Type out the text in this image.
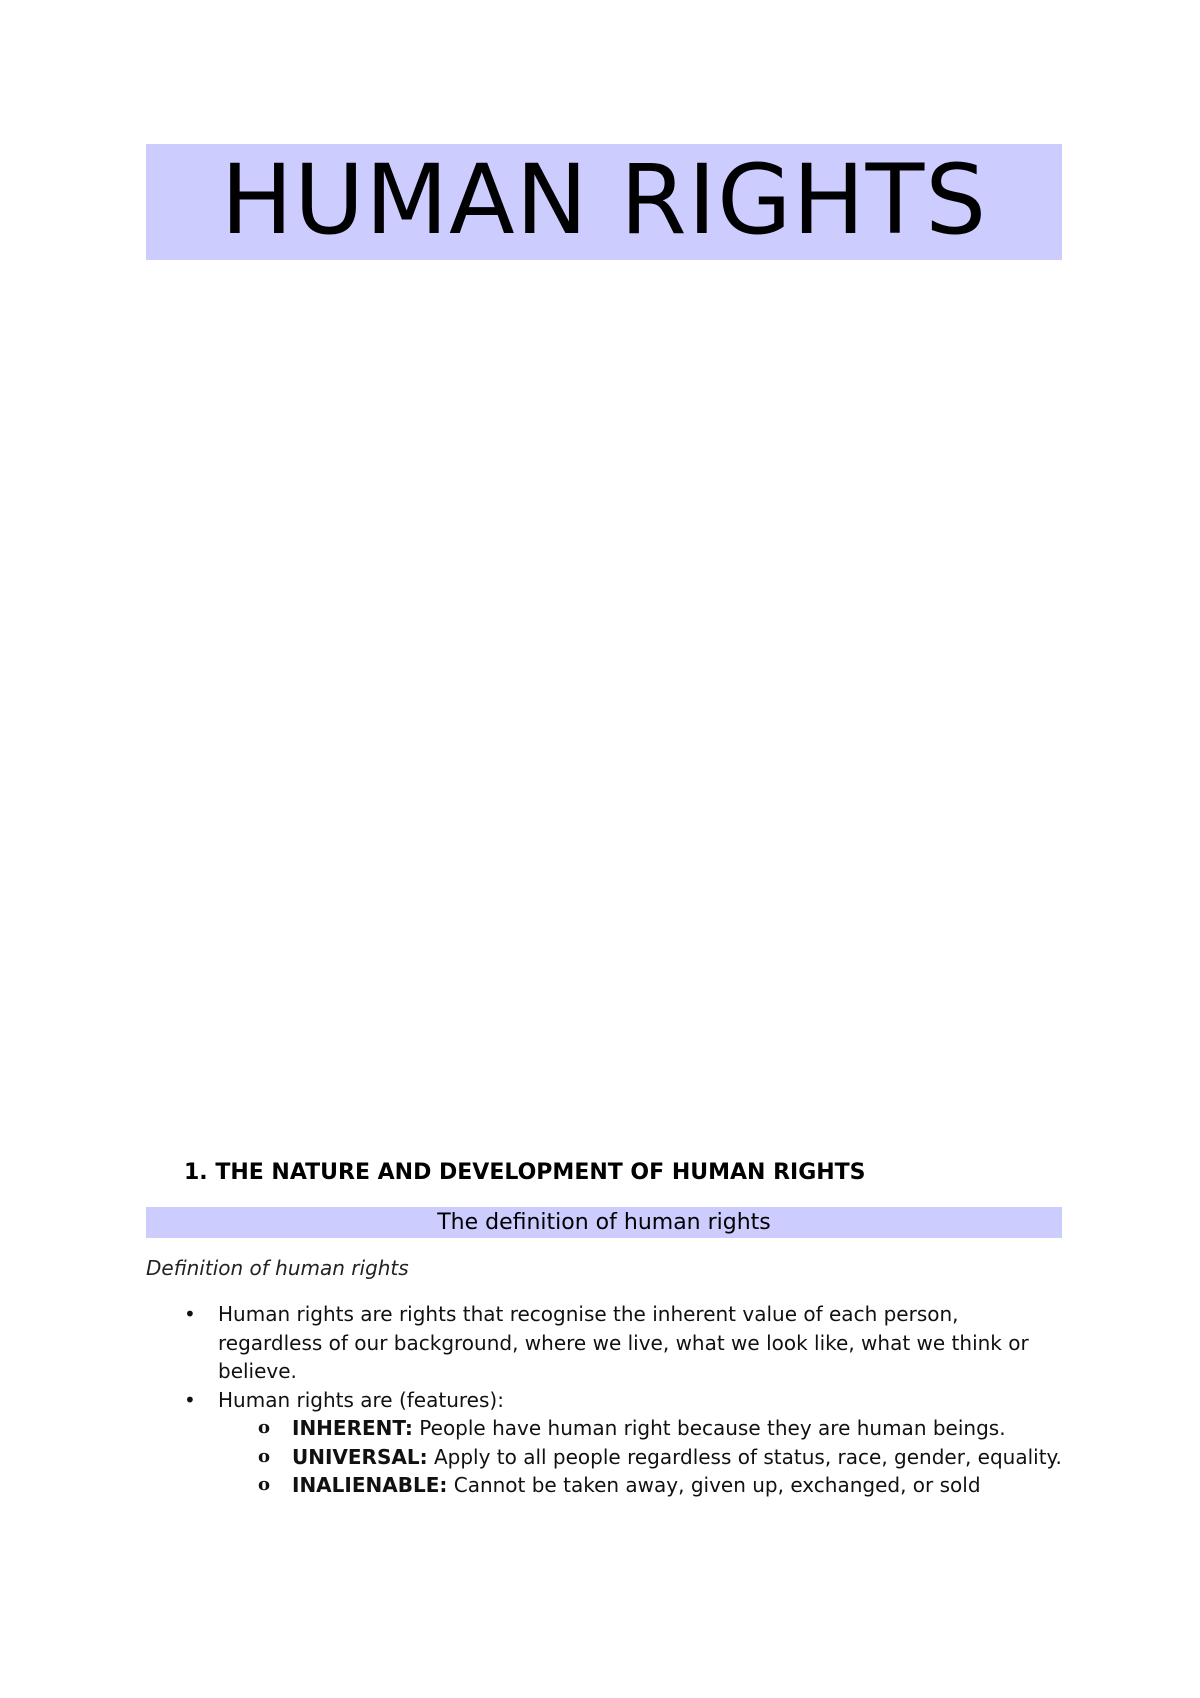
HUMAN RIGHTS
1. THE NATURE AND DEVELOPMENT OF HUMAN RIGHTS
The definition of human rights
Definition of human rights
• Human rights are rights that recognise the inherent value of each person, regardless of our background, where we live, what we look like, what we think or believe.
• Human rights are (features):
o INHERENT: People have human right because they are human beings.
o UNIVERSAL: Apply to all people regardless of status, race, gender, equality.
o INALIENABLE: Cannot be taken away, given up, exchanged, or sold
